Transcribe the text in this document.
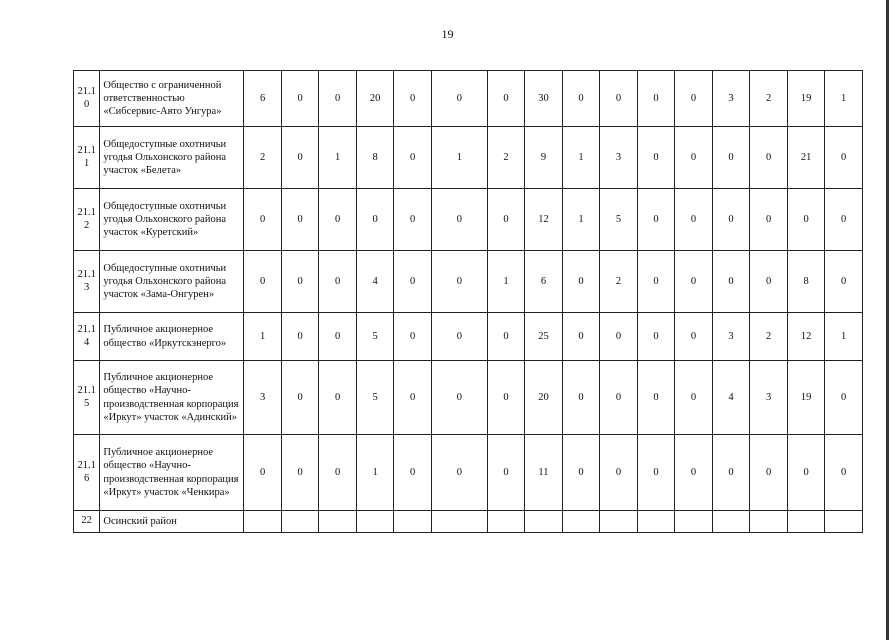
19
21.1 0	Общество с ограниченной ответственностью «Сибсервис-Авто Унгура»	6	0	0	20	0	0	0	30	0	0	0	0	3	2	19	1
21.1 1	Общедоступные охотничьи угодья Ольхонского района участок «Белета»	2	0	1	8	0	1	2	9	1	3	0	0	0	0	21	0
21.1 2	Общедоступные охотничьи угодья Ольхонского района участок «Куретский»	0	0	0	0	0	0	0	12	1	5	0	0	0	0	0	0
21.1 3	Общедоступные охотничьи угодья Ольхонского района участок «Зама-Онгурен»	0	0	0	4	0	0	1	6	0	2	0	0	0	0	8	0
21.1 4	Публичное акционерное общество «Иркутскэнерго»	1	0	0	5	0	0	0	25	0	0	0	0	3	2	12	1
21.1 5	Публичное акционерное общество «Научно-производственная корпорация «Иркут» участок «Адинский»	3	0	0	5	0	0	0	20	0	0	0	0	4	3	19	0
21.1 6	Публичное акционерное общество «Научно-производственная корпорация «Иркут» участок «Ченкира»	0	0	0	1	0	0	0	11	0	0	0	0	0	0	0	0
22	Осинский район																
